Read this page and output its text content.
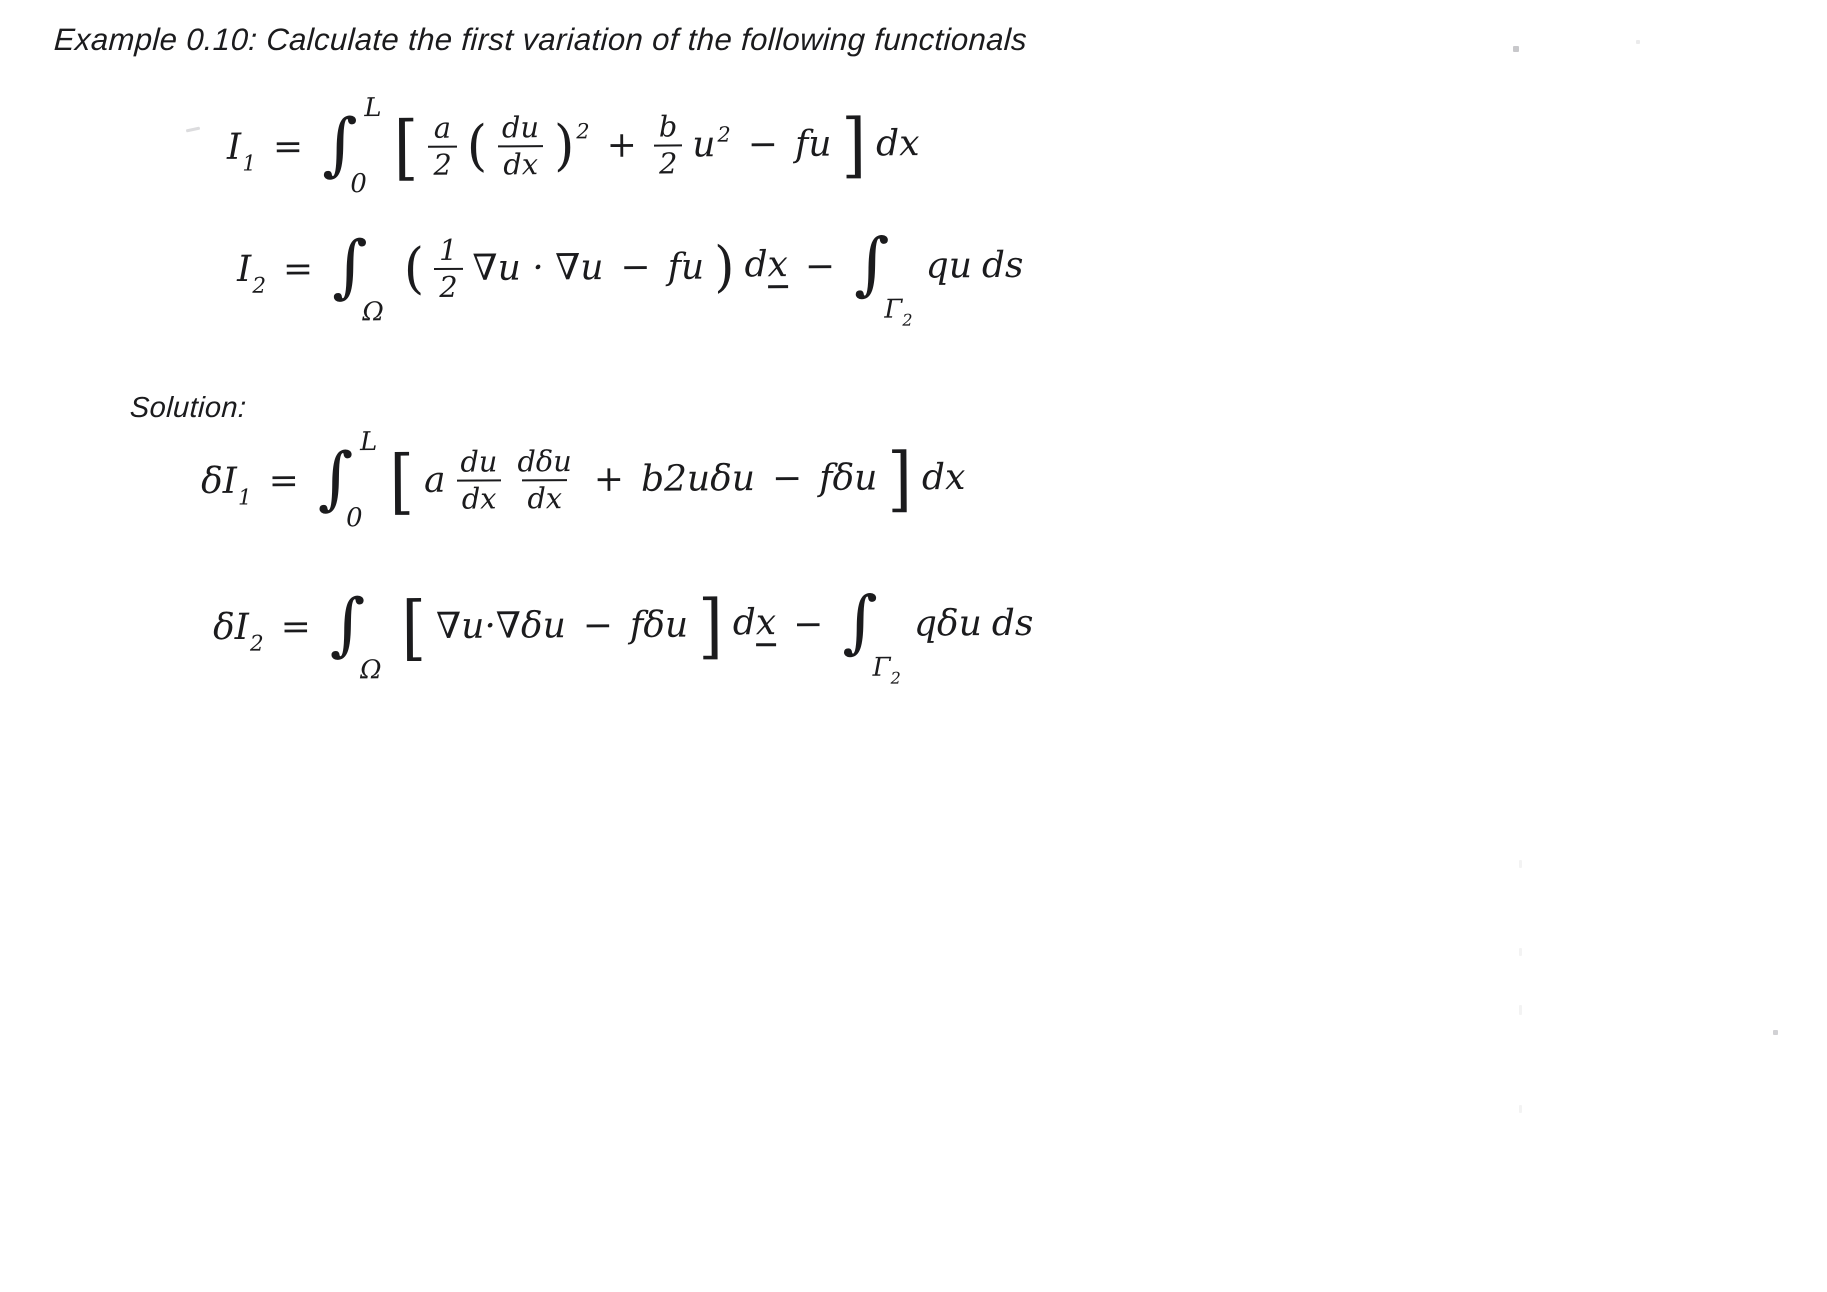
Example 0.10: Calculate the first variation of the following functionals
I 1 = ∫ L
0 [ $\frac{a}{2}$ ( $\frac{du}{dx}$ ) $2 + \frac{b}{2} u2$ − fu ] dx
I 2 = ∫
Ω
( $\frac{1}{2} \nabla u \cdot \nabla u$ − fu ) dx − ∫
Γ2
qu ds
Solution:
δI 1 = ∫ L
0 [ a $\frac{du}{dx} \frac{\text{dδu}}{dx} + b2u\delta u - f\delta u$ ] dx
δI 2 = ∫
Ω
[ ∇u·∇δu − fδu ] dx − ∫
Γ2
qδu ds
